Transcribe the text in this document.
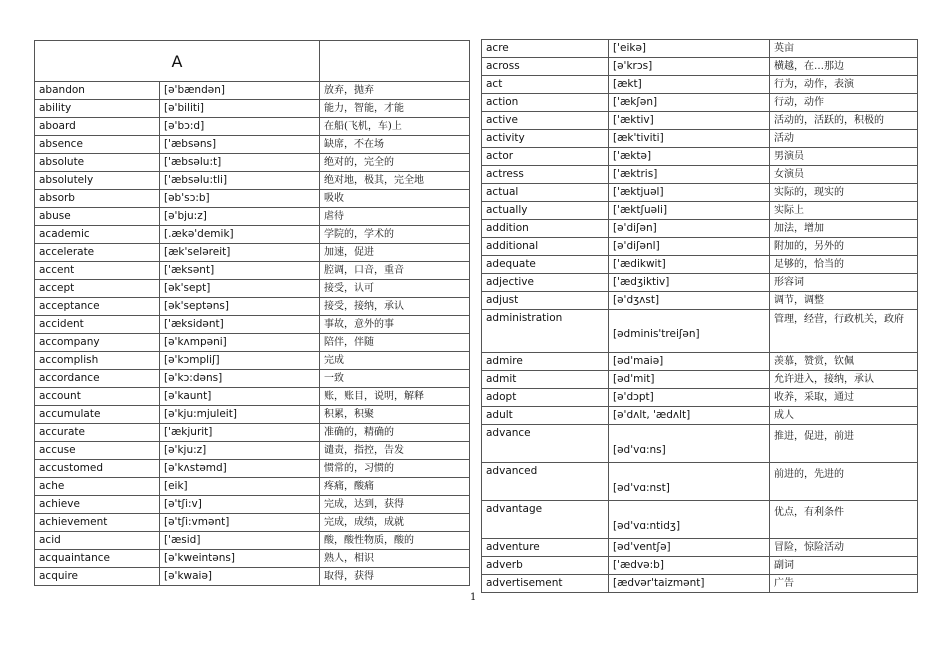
A		
abandon	[ə'bændən]	放弃，抛弃
ability	[ə'biliti]	能力，智能，才能
aboard	[ə'bɔ:d]	在船(飞机，车)上
absence	['æbsəns]	缺席，不在场
absolute	['æbsəlu:t]	绝对的，完全的
absolutely	['æbsəlu:tli]	绝对地，极其，完全地
absorb	[əb'sɔ:b]	吸收
abuse	[ə'bju:z]	虐待
academic	[.ækə'demik]	学院的，学术的
accelerate	[æk'seləreit]	加速，促进
accent	['æksənt]	腔调，口音，重音
accept	[ək'sept]	接受，认可
acceptance	[ək'septəns]	接受，接纳，承认
accident	['æksidənt]	事故，意外的事
accompany	[ə'kʌmpəni]	陪伴，伴随
accomplish	[ə'kɔmpliʃ]	完成
accordance	[ə'kɔ:dəns]	一致
account	[ə'kaunt]	账，账目，说明，解释
accumulate	[ə'kju:mjuleit]	积累，积聚
accurate	['ækjurit]	准确的，精确的
accuse	[ə'kju:z]	谴责，指控，告发
accustomed	[ə'kʌstəmd]	惯常的，习惯的
ache	[eik]	疼痛，酸痛
achieve	[ə'tʃi:v]	完成，达到，获得
achievement	[ə'tʃi:vmənt]	完成，成绩，成就
acid	['æsid]	酸，酸性物质，酸的
acquaintance	[ə'kweintəns]	熟人，相识
acquire	[ə'kwaiə]	取得，获得
acre	['eikə]	英亩
across	[ə'krɔs]	横越，在…那边
act	[ækt]	行为，动作，表演
action	['ækʃən]	行动，动作
active	['æktiv]	活动的，活跃的，积极的
activity	[æk'tiviti]	活动
actor	['æktə]	男演员
actress	['æktris]	女演员
actual	['æktjuəl]	实际的，现实的
actually	['æktʃuəli]	实际上
addition	[ə'diʃən]	加法，增加
additional	[ə'diʃənl]	附加的，另外的
adequate	['ædikwit]	足够的，恰当的
adjective	['ædʒiktiv]	形容词
adjust	[ə'dʒʌst]	调节，调整
administration	[ədminis'treiʃən]	管理，经营，行政机关，政府
admire	[əd'maiə]	羡慕，赞赏，钦佩
admit	[əd'mit]	允许进入，接纳，承认
adopt	[ə'dɔpt]	收养，采取，通过
adult	[ə'dʌlt, 'ædʌlt]	成人
advance	[əd'vɑ:ns]	推进，促进，前进
advanced	[əd'vɑ:nst]	前进的，先进的
advantage	[əd'vɑ:ntidʒ]	优点，有利条件
adventure	[əd'ventʃə]	冒险，惊险活动
adverb	['ædvə:b]	副词
advertisement	[ædvər'taizmənt]	广告
1
